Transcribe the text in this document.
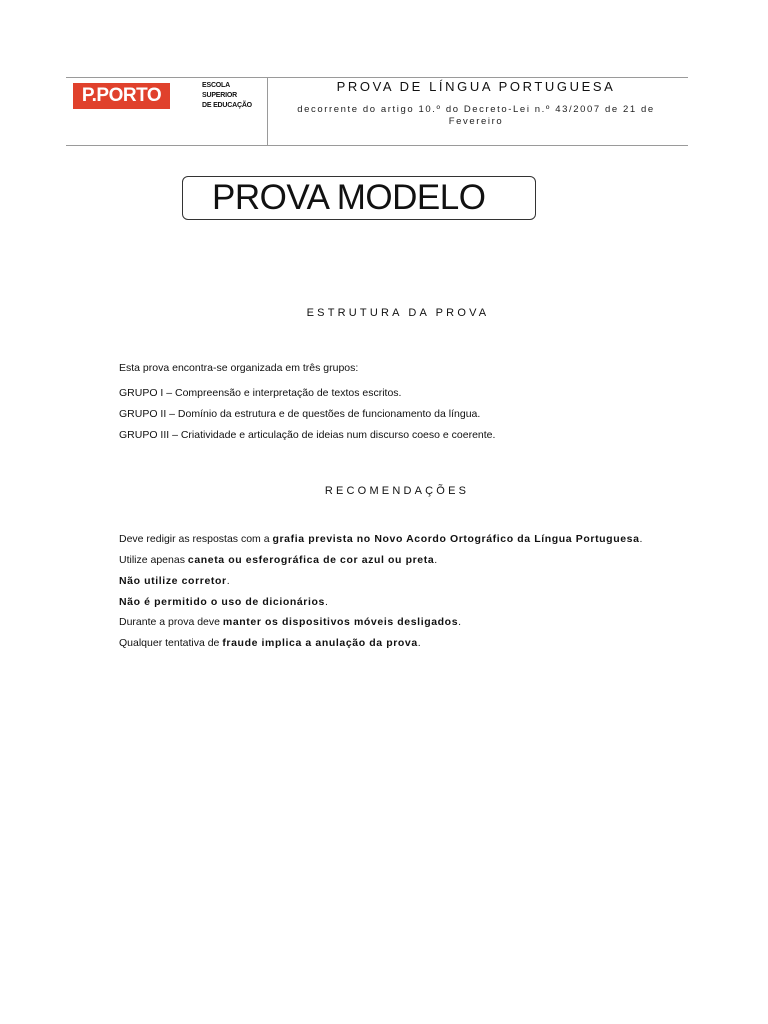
P.PORTO	ESCOLA
SUPERIOR
DE EDUCAÇÃO
PROVA DE LÍNGUA PORTUGUESA
decorrente do artigo 10.º do Decreto-Lei n.º 43/2007 de 21 de Fevereiro
PROVA MODELO
ESTRUTURA DA PROVA
Esta prova encontra-se organizada em três grupos:
GRUPO I – Compreensão e interpretação de textos escritos.
GRUPO II – Domínio da estrutura e de questões de funcionamento da língua.
GRUPO III – Criatividade e articulação de ideias num discurso coeso e coerente.
RECOMENDAÇÕES
Deve redigir as respostas com a grafia prevista no Novo Acordo Ortográfico da Língua Portuguesa.
Utilize apenas caneta ou esferográfica de cor azul ou preta.
Não utilize corretor.
Não é permitido o uso de dicionários.
Durante a prova deve manter os dispositivos móveis desligados.
Qualquer tentativa de fraude implica a anulação da prova.
